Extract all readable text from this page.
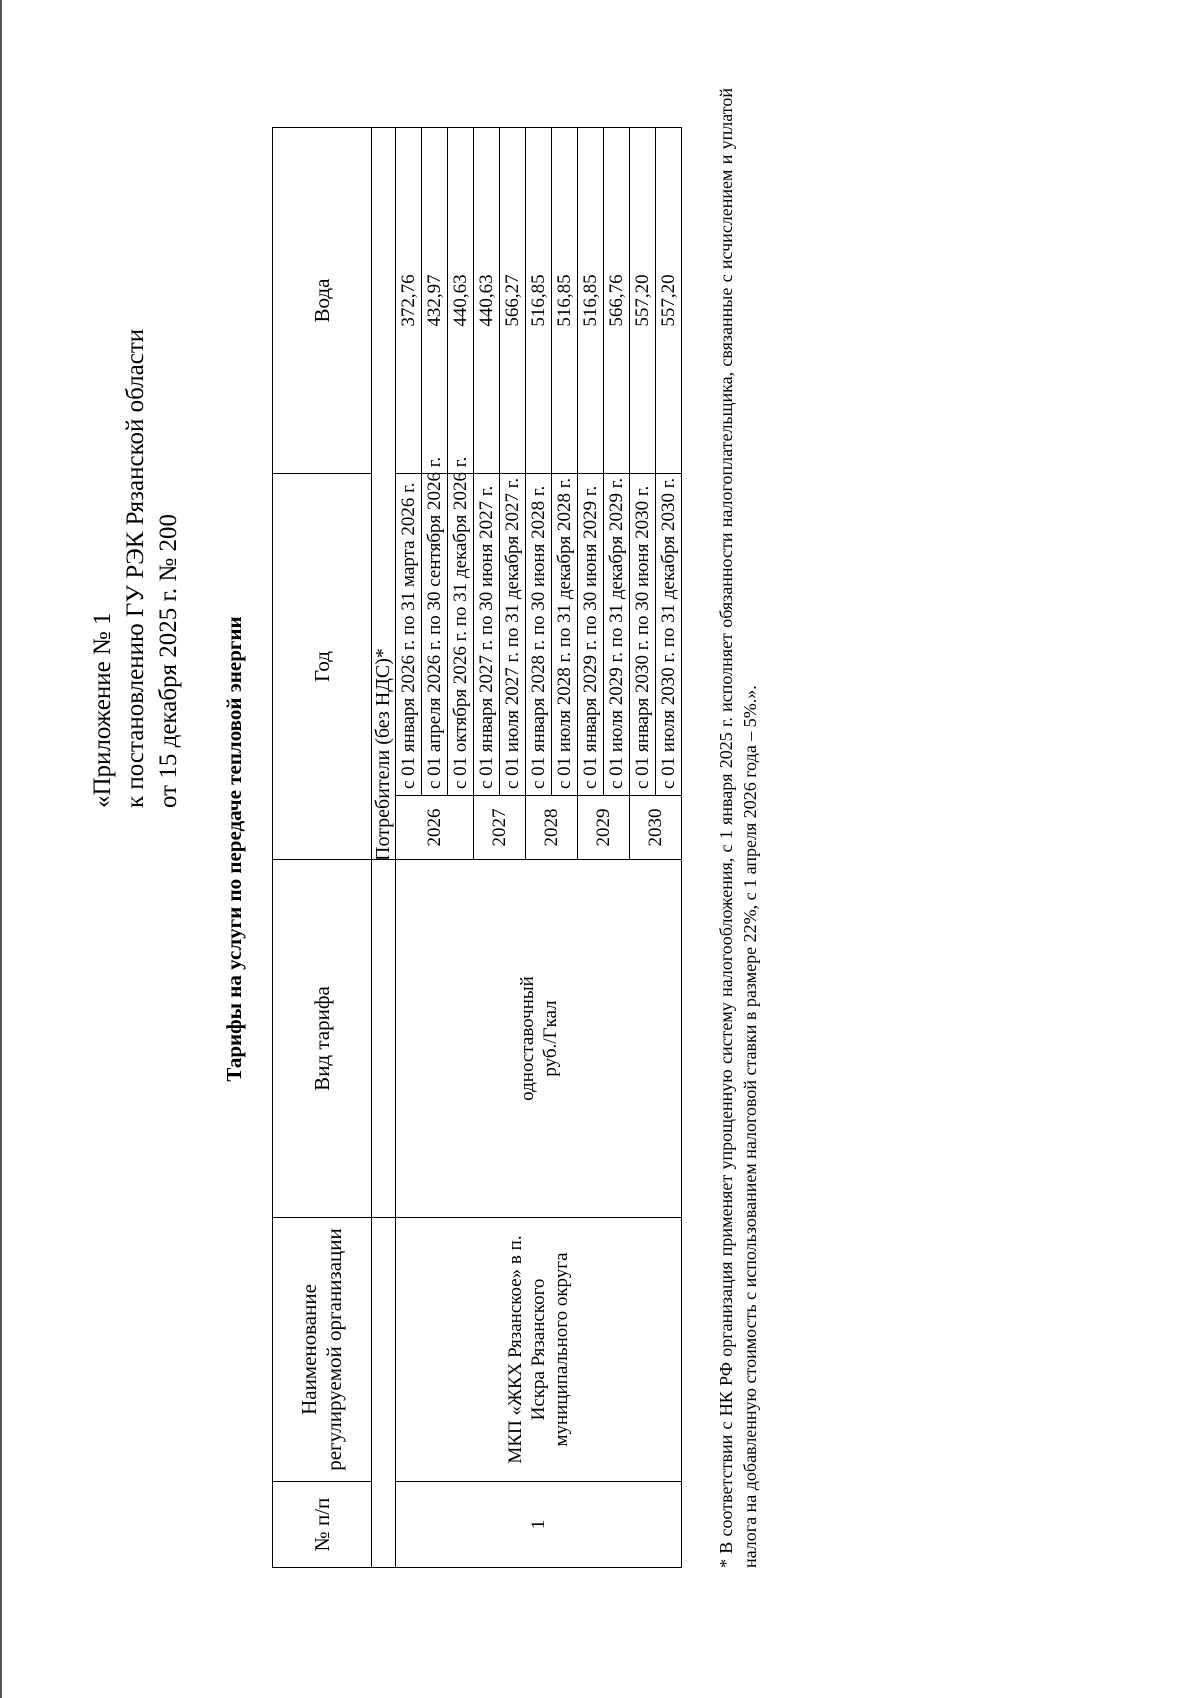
«Приложение № 1 к постановлению ГУ РЭК Рязанской области от 15 декабря 2025 г. № 200 Тарифы на услуги по передаче тепловой энергии
№ п/п	Наименование регулируемой организации	Вид тарифа	Год		Вода
			Потребители (без НДС)*		
1	МКП «ЖКХ Рязанское» в п. Искра Рязанского муниципального округа	одноставочный руб./Гкал	2026	с 01 января 2026 г. по 31 марта 2026 г.	372,76
				с 01 апреля 2026 г. по 30 сентября 2026 г.	432,97
				с 01 октября 2026 г. по 31 декабря 2026 г.	440,63
			2027	с 01 января 2027 г. по 30 июня 2027 г.	440,63
				с 01 июля 2027 г. по 31 декабря 2027 г.	566,27
			2028	с 01 января 2028 г. по 30 июня 2028 г.	516,85
				с 01 июля 2028 г. по 31 декабря 2028 г.	516,85
			2029	с 01 января 2029 г. по 30 июня 2029 г.	516,85
				с 01 июля 2029 г. по 31 декабря 2029 г.	566,76
			2030	с 01 января 2030 г. по 30 июня 2030 г.	557,20
				с 01 июля 2030 г. по 31 декабря 2030 г.	557,20 * В соответствии с НК РФ организация применяет упрощенную систему налогообложения, с 1 января 2025 г. исполняет обязанности налогоплательщика, связанные с исчислением и уплатой налога на добавленную стоимость с использованием налоговой ставки в размере 22%, с 1 апреля 2026 года – 5%.».
